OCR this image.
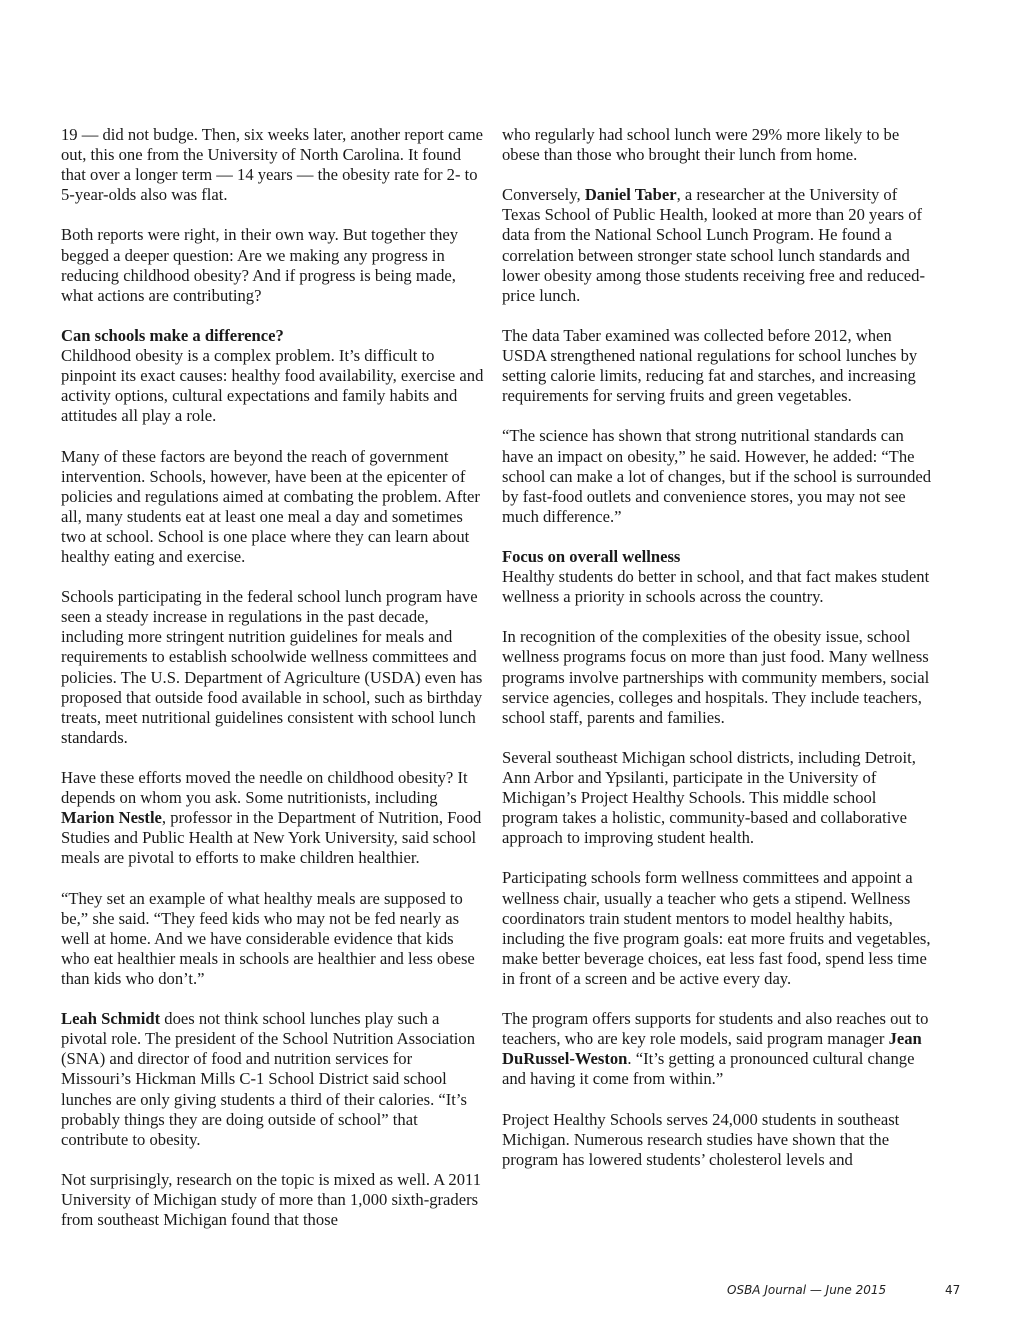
19 — did not budge. Then, six weeks later, another report came out, this one from the University of North Carolina. It found that over a longer term — 14 years — the obesity rate for 2- to 5-year-olds also was flat.

Both reports were right, in their own way. But together they begged a deeper question: Are we making any progress in reducing childhood obesity? And if progress is being made, what actions are contributing?

Can schools make a difference?
Childhood obesity is a complex problem. It’s difficult to pinpoint its exact causes: healthy food availability, exercise and activity options, cultural expectations and family habits and attitudes all play a role.

Many of these factors are beyond the reach of government intervention. Schools, however, have been at the epicenter of policies and regulations aimed at combating the problem. After all, many students eat at least one meal a day and sometimes two at school. School is one place where they can learn about healthy eating and exercise.

Schools participating in the federal school lunch program have seen a steady increase in regulations in the past decade, including more stringent nutrition guidelines for meals and requirements to establish schoolwide wellness committees and policies. The U.S. Department of Agriculture (USDA) even has proposed that outside food available in school, such as birthday treats, meet nutritional guidelines consistent with school lunch standards.

Have these efforts moved the needle on childhood obesity? It depends on whom you ask. Some nutritionists, including Marion Nestle, professor in the Department of Nutrition, Food Studies and Public Health at New York University, said school meals are pivotal to efforts to make children healthier.

“They set an example of what healthy meals are supposed to be,” she said. “They feed kids who may not be fed nearly as well at home. And we have considerable evidence that kids who eat healthier meals in schools are healthier and less obese than kids who don’t.”

Leah Schmidt does not think school lunches play such a pivotal role. The president of the School Nutrition Association (SNA) and director of food and nutrition services for Missouri’s Hickman Mills C-1 School District said school lunches are only giving students a third of their calories. “It’s probably things they are doing outside of school” that contribute to obesity.

Not surprisingly, research on the topic is mixed as well. A 2011 University of Michigan study of more than 1,000 sixth-graders from southeast Michigan found that those

who regularly had school lunch were 29% more likely to be obese than those who brought their lunch from home.

Conversely, Daniel Taber, a researcher at the University of Texas School of Public Health, looked at more than 20 years of data from the National School Lunch Program. He found a correlation between stronger state school lunch standards and lower obesity among those students receiving free and reduced-price lunch.

The data Taber examined was collected before 2012, when USDA strengthened national regulations for school lunches by setting calorie limits, reducing fat and starches, and increasing requirements for serving fruits and green vegetables.

“The science has shown that strong nutritional standards can have an impact on obesity,” he said. However, he added: “The school can make a lot of changes, but if the school is surrounded by fast-food outlets and convenience stores, you may not see much difference.”

Focus on overall wellness
Healthy students do better in school, and that fact makes student wellness a priority in schools across the country.

In recognition of the complexities of the obesity issue, school wellness programs focus on more than just food. Many wellness programs involve partnerships with community members, social service agencies, colleges and hospitals. They include teachers, school staff, parents and families.

Several southeast Michigan school districts, including Detroit, Ann Arbor and Ypsilanti, participate in the University of Michigan’s Project Healthy Schools. This middle school program takes a holistic, community-based and collaborative approach to improving student health.

Participating schools form wellness committees and appoint a wellness chair, usually a teacher who gets a stipend. Wellness coordinators train student mentors to model healthy habits, including the five program goals: eat more fruits and vegetables, make better beverage choices, eat less fast food, spend less time in front of a screen and be active every day.

The program offers supports for students and also reaches out to teachers, who are key role models, said program manager Jean DuRussel-Weston. “It’s getting a pronounced cultural change and having it come from within.”

Project Healthy Schools serves 24,000 students in southeast Michigan. Numerous research studies have shown that the program has lowered students’ cholesterol levels and

OSBA Journal — June 2015	47
